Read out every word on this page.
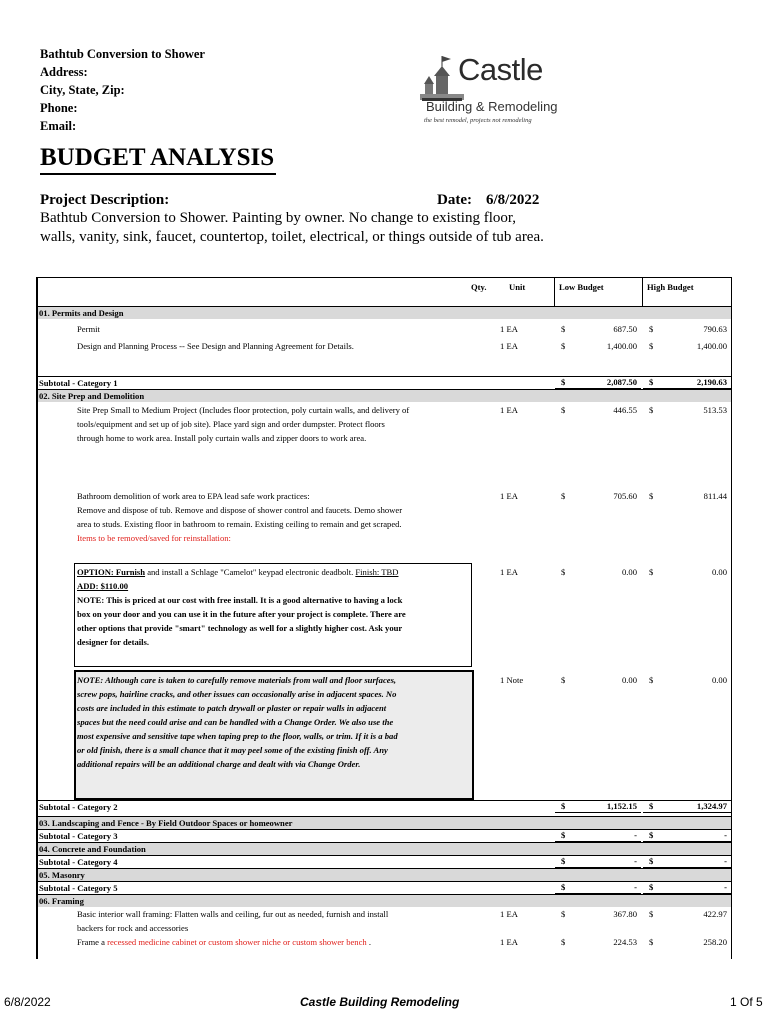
Bathtub Conversion to Shower
Address:
City, State, Zip:
Phone:
Email:
Castle
Building & Remodeling
the best remodel, projects not remodeling
BUDGET ANALYSIS
Project Description:	Date: 6/8/2022
Bathtub Conversion to Shower. Painting by owner. No change to existing floor,
walls, vanity, sink, faucet, countertop, toilet, electrical, or things outside of tub area.
Qty.	Unit	Low Budget	High Budget
01. Permits and Design
Permit	1 EA	$	687.50 $	790.63
Design and Planning Process -- See Design and Planning Agreement for Details.	1 EA	$	1,400.00 $	1,400.00
Subtotal - Category 1	$	2,087.50 $	2,190.63
02. Site Prep and Demolition
Site Prep Small to Medium Project (Includes floor protection, poly curtain walls, and delivery of
tools/equipment and set up of job site). Place yard sign and order dumpster. Protect floors
through home to work area. Install poly curtain walls and zipper doors to work area.
1 EA	$	446.55 $	513.53
Bathroom demolition of work area to EPA lead safe work practices:
Remove and dispose of tub. Remove and dispose of shower control and faucets. Demo shower
area to studs. Existing floor in bathroom to remain. Existing ceiling to remain and get scraped.
Items to be removed/saved for reinstallation:
1 EA	$	705.60 $	811.44
OPTION: Furnish and install a Schlage "Camelot" keypad electronic deadbolt. Finish: TBD
ADD: $110.00
NOTE: This is priced at our cost with free install. It is a good alternative to having a lock
box on your door and you can use it in the future after your project is complete. There are
other options that provide "smart" technology as well for a slightly higher cost. Ask your
designer for details.
1 EA	$	0.00 $	0.00
NOTE: Although care is taken to carefully remove materials from wall and floor surfaces,
screw pops, hairline cracks, and other issues can occasionally arise in adjacent spaces. No
costs are included in this estimate to patch drywall or plaster or repair walls in adjacent
spaces but the need could arise and can be handled with a Change Order. We also use the
most expensive and sensitive tape when taping prep to the floor, walls, or trim. If it is a bad
or old finish, there is a small chance that it may peel some of the existing finish off. Any
additional repairs will be an additional charge and dealt with via Change Order.
1 Note	$	0.00 $	0.00
Subtotal - Category 2	$	1,152.15 $	1,324.97
03. Landscaping and Fence - By Field Outdoor Spaces or homeowner
Subtotal - Category 3	$	- $	-
04. Concrete and Foundation
Subtotal - Category 4	$	- $	-
05. Masonry
Subtotal - Category 5	$	- $	-
06. Framing
Basic interior wall framing: Flatten walls and ceiling, fur out as needed, furnish and install
backers for rock and accessories
1 EA	$	367.80 $	422.97
Frame a recessed medicine cabinet or custom shower niche or custom shower bench .	1 EA	$	224.53 $	258.20
6/8/2022	Castle Building Remodeling	1 Of 5
